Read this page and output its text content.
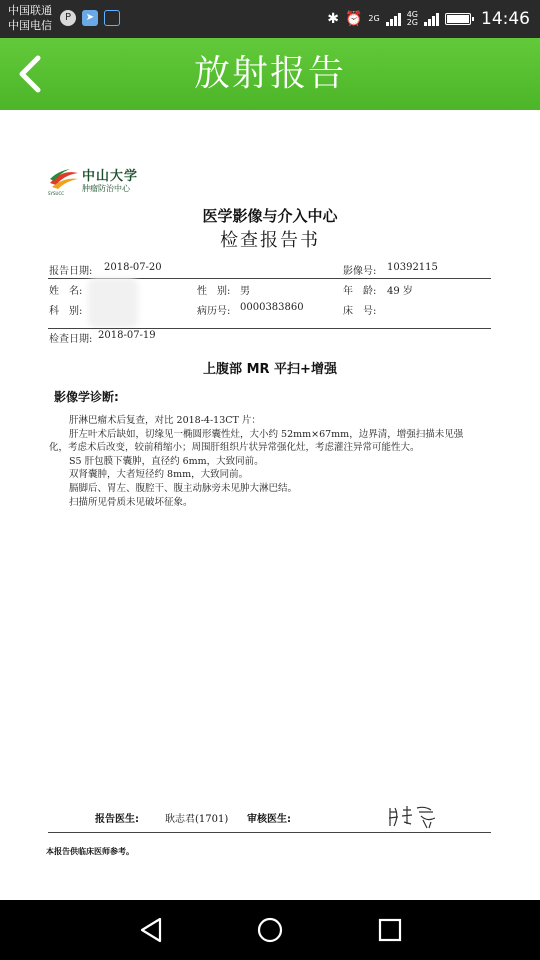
中国联通
中国电信
P	➤	✱ ⏰ 2G	4G
2G	14:46
放射报告
中山大学
肿瘤防治中心
SYSUCC
医学影像与介入中心
检查报告书
报告日期: 2018-07-20	影像号: 10392115
姓　名:	性　别: 男	年　龄: 49 岁
科　别:	病历号: 0000383860	床　号:
检查日期: 2018-07-19
上腹部 MR 平扫+增强
影像学诊断:

肝淋巴瘤术后复查，对比 2018-4-13CT 片：

肝左叶术后缺如，切缘见一椭圆形囊性灶，大小约 52mm×67mm，边界清，增强扫描未见强化，考虑术后改变，较前稍缩小；周围肝组织片状异常强化灶，考虑灌注异常可能性大。

S5 肝包膜下囊肿，直径约 6mm，大致同前。

双肾囊肿，大者短径约 8mm，大致同前。

膈脚后、胃左、腹腔干、腹主动脉旁未见肿大淋巴结。

扫描所见骨质未见破坏征象。

报告医生:	耿志君(1701) 审核医生:
本报告供临床医师参考。
